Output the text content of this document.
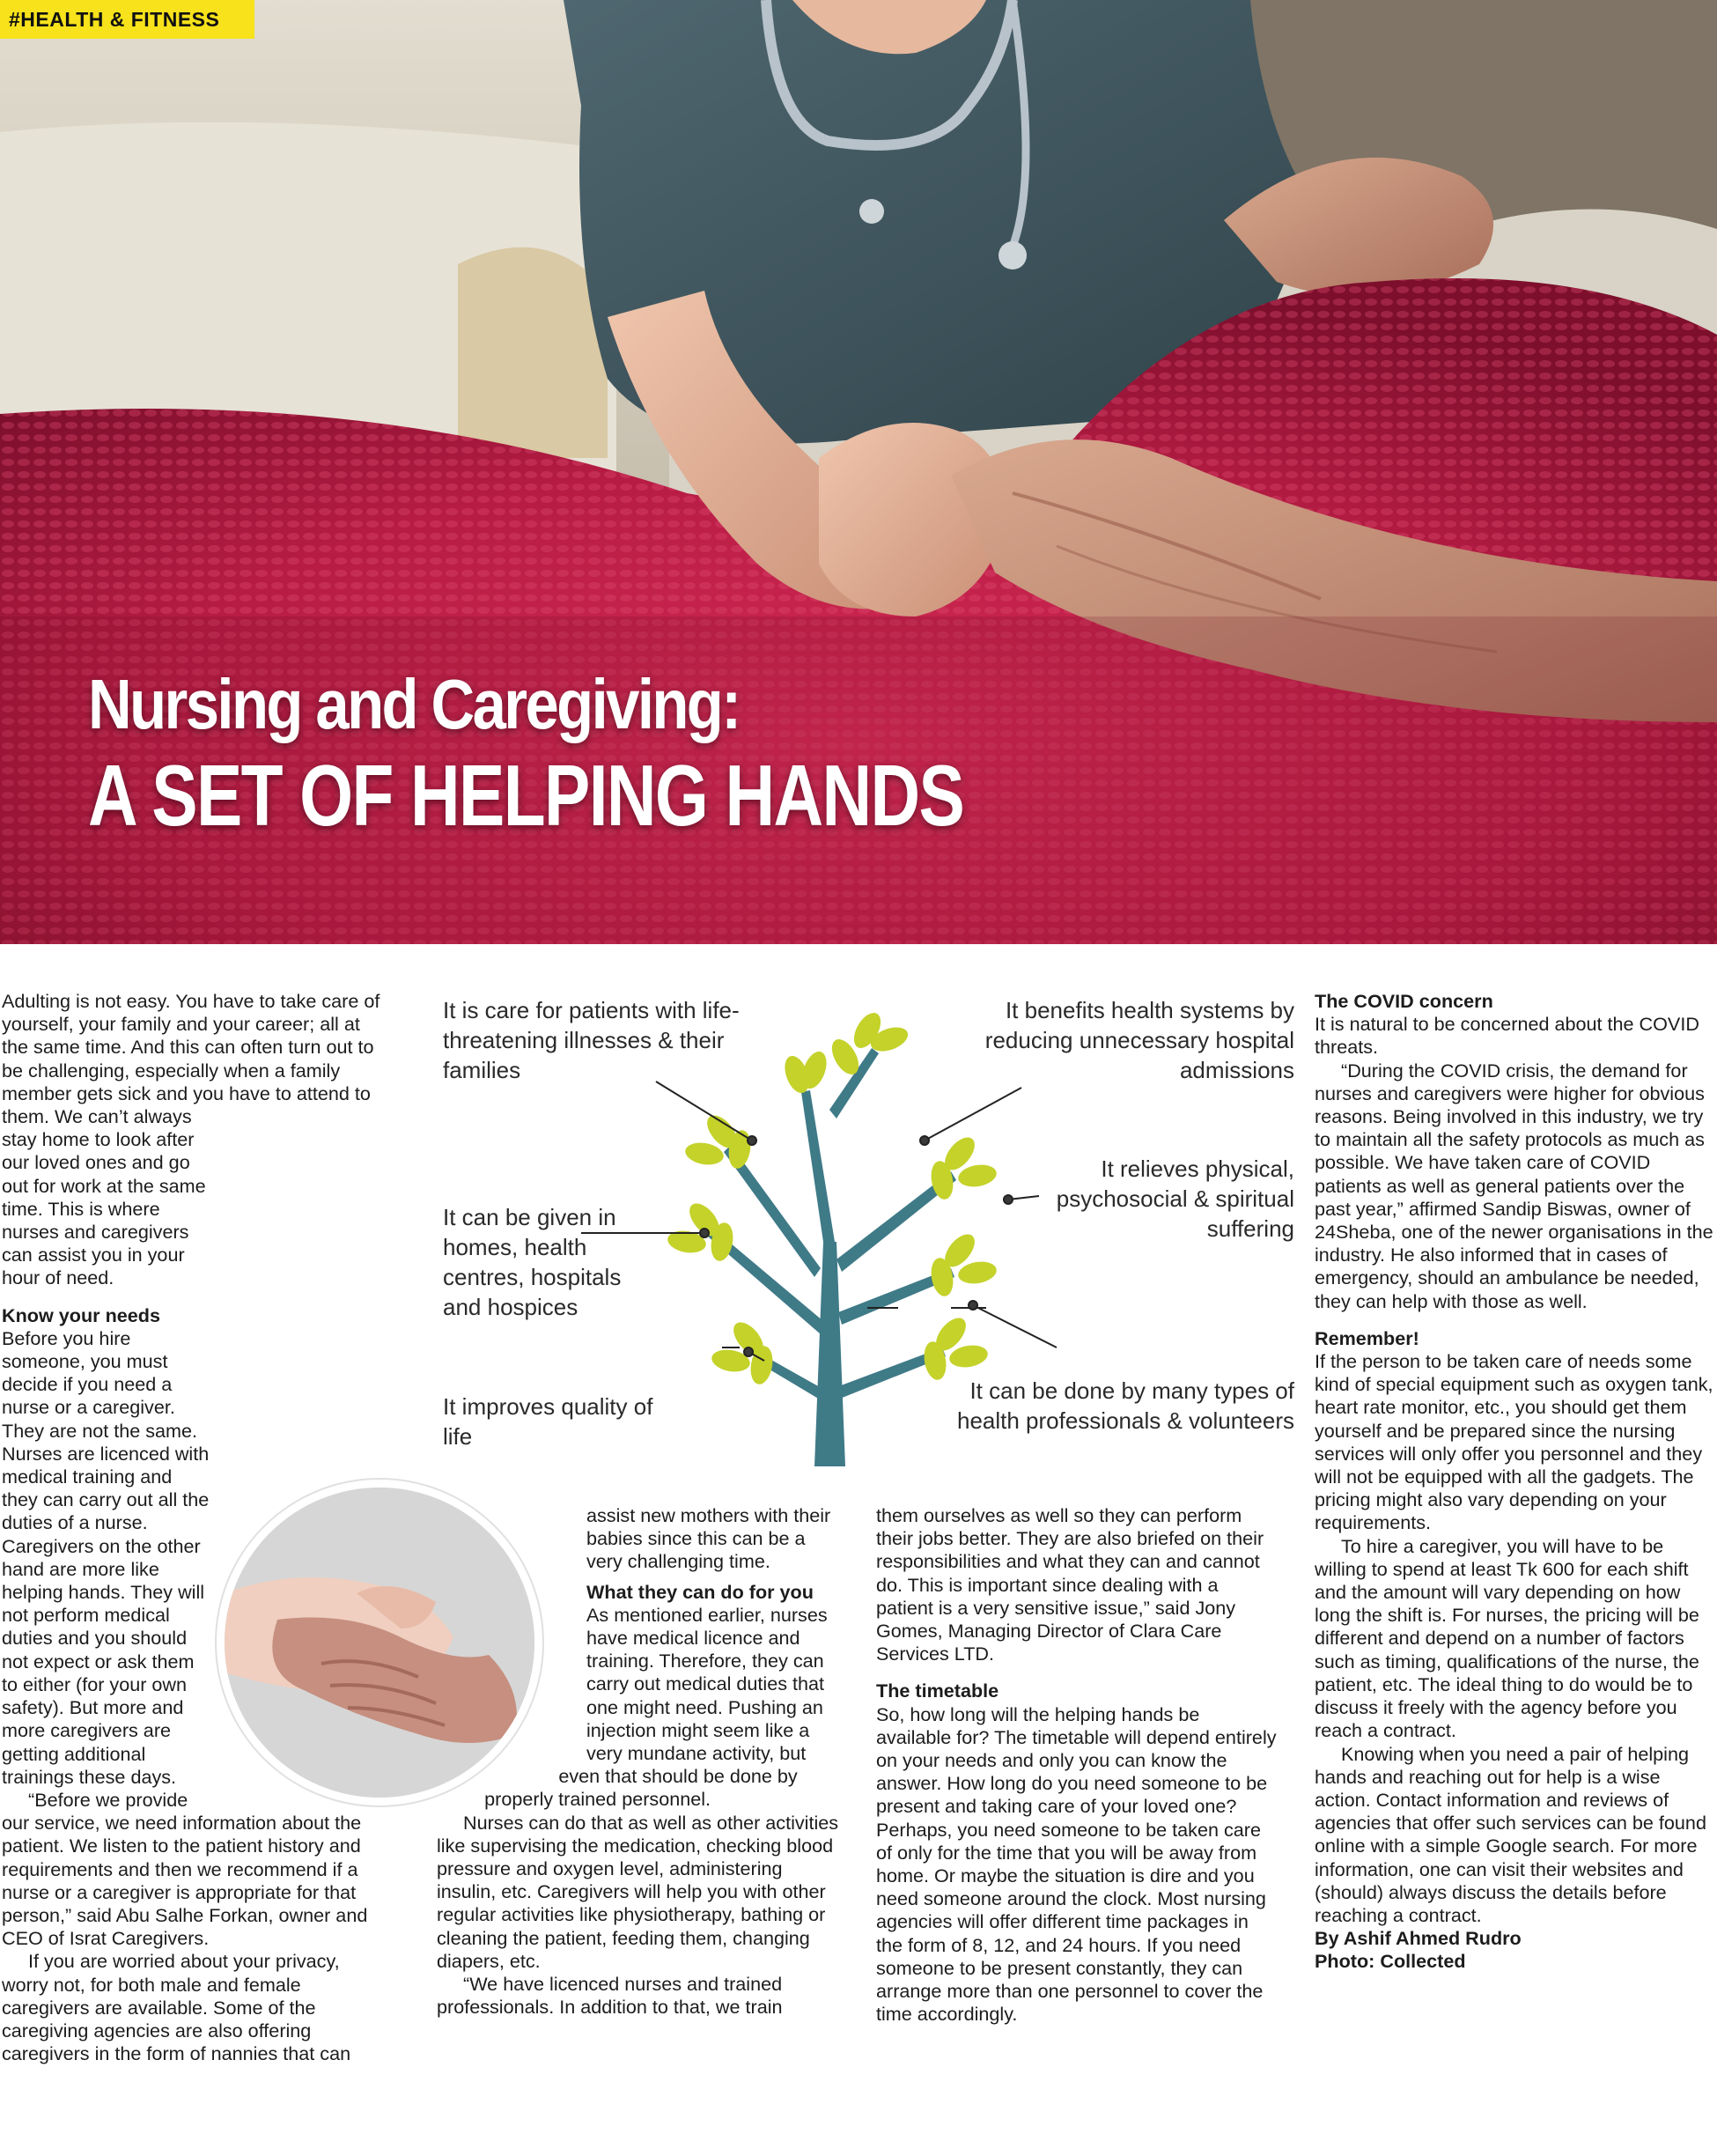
#HEALTH & FITNESS
Nursing and Caregiving:
A SET OF HELPING HANDS
It is care for patients with life-threatening illnesses & their families
It benefits health systems by reducing unnecessary hospital admissions
It relieves physical, psychosocial & spiritual suffering
It can be given in homes, health centres, hospitals and hospices
It improves quality of life
It can be done by many types of health professionals & volunteers

Adulting is not easy. You have to take care of yourself, your family and your career; all at the same time. And this can often turn out to be challenging, especially when a family member gets sick and you have to attend to them. We can’t always stay home to look after our loved ones and go out for work at the same time. This is where nurses and caregivers can assist you in your hour of need.

Know your needs

Before you hire someone, you must decide if you need a nurse or a caregiver. They are not the same. Nurses are licenced with medical training and they can carry out all the duties of a nurse. Caregivers on the other hand are more like helping hands. They will not perform medical duties and you should not expect or ask them to either (for your own safety). But more and more caregivers are getting additional trainings these days.

“Before we provide our service, we need information about the patient. We listen to the patient history and requirements and then we recommend if a nurse or a caregiver is appropriate for that person,” said Abu Salhe Forkan, owner and CEO of Israt Caregivers.

If you are worried about your privacy, worry not, for both male and female caregivers are available. Some of the caregiving agencies are also offering caregivers in the form of nannies that can

assist new mothers with their babies since this can be a very challenging time.

What they can do for you

As mentioned earlier, nurses have medical licence and training. Therefore, they can carry out medical duties that one might need. Pushing an injection might seem like a very mundane activity, but even that should be done by properly trained personnel.

Nurses can do that as well as other activities like supervising the medication, checking blood pressure and oxygen level, administering insulin, etc. Caregivers will help you with other regular activities like physiotherapy, bathing or cleaning the patient, feeding them, changing diapers, etc.

“We have licenced nurses and trained professionals. In addition to that, we train

them ourselves as well so they can perform their jobs better. They are also briefed on their responsibilities and what they can and cannot do. This is important since dealing with a patient is a very sensitive issue,” said Jony Gomes, Managing Director of Clara Care Services LTD.

The timetable

So, how long will the helping hands be available for? The timetable will depend entirely on your needs and only you can know the answer. How long do you need someone to be present and taking care of your loved one? Perhaps, you need someone to be taken care of only for the time that you will be away from home. Or maybe the situation is dire and you need someone around the clock. Most nursing agencies will offer different time packages in the form of 8, 12, and 24 hours. If you need someone to be present constantly, they can arrange more than one personnel to cover the time accordingly.

The COVID concern

It is natural to be concerned about the COVID threats.

“During the COVID crisis, the demand for nurses and caregivers were higher for obvious reasons. Being involved in this industry, we try to maintain all the safety protocols as much as possible. We have taken care of COVID patients as well as general patients over the past year,” affirmed Sandip Biswas, owner of 24Sheba, one of the newer organisations in the industry. He also informed that in cases of emergency, should an ambulance be needed, they can help with those as well.

Remember!

If the person to be taken care of needs some kind of special equipment such as oxygen tank, heart rate monitor, etc., you should get them yourself and be prepared since the nursing services will only offer you personnel and they will not be equipped with all the gadgets. The pricing might also vary depending on your requirements.

To hire a caregiver, you will have to be willing to spend at least Tk 600 for each shift and the amount will vary depending on how long the shift is. For nurses, the pricing will be different and depend on a number of factors such as timing, qualifications of the nurse, the patient, etc. The ideal thing to do would be to discuss it freely with the agency before you reach a contract.

Knowing when you need a pair of helping hands and reaching out for help is a wise action. Contact information and reviews of agencies that offer such services can be found online with a simple Google search. For more information, one can visit their websites and (should) always discuss the details before reaching a contract.

By Ashif Ahmed Rudro

Photo: Collected
